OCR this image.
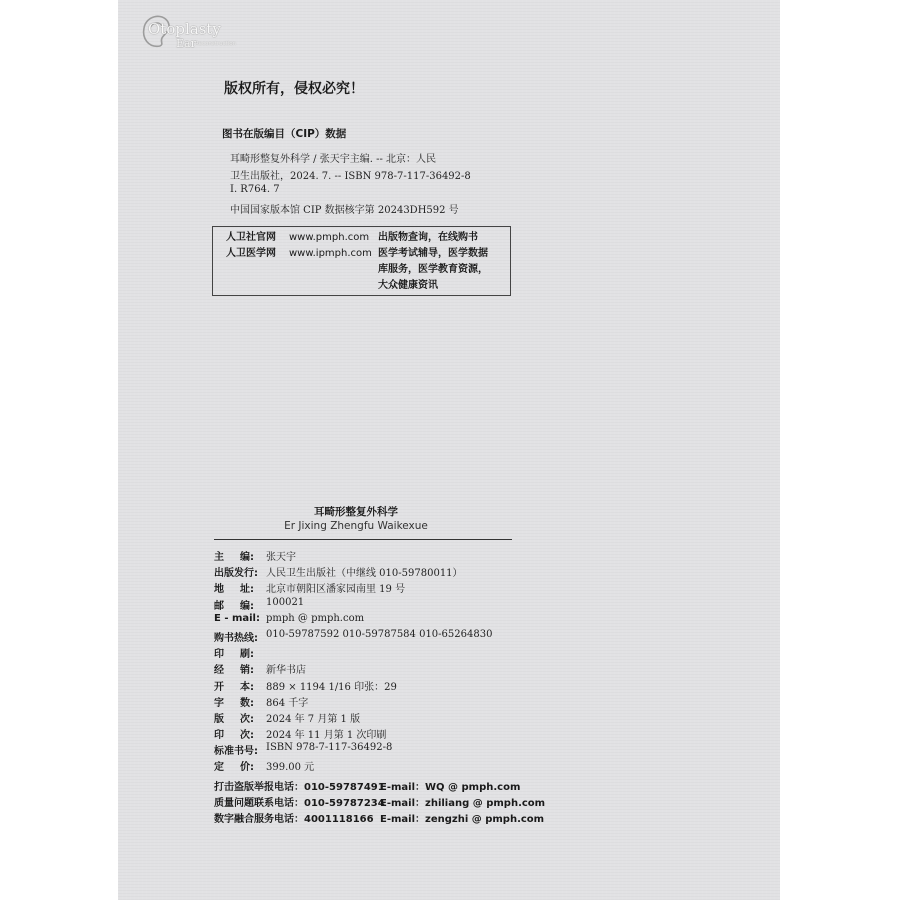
Otoplasty
Ear Reconstruction
版权所有，侵权必究！
图书在版编目（CIP）数据
耳畸形整复外科学 / 张天宇主编. -- 北京：人民
卫生出版社，2024. 7. -- ISBN 978-7-117-36492-8
Ⅰ. R764. 7
中国国家版本馆 CIP 数据核字第 20243DH592 号
人卫社官网 www.pmph.com
人卫医学网 www.ipmph.com
出版物查询，在线购书
医学考试辅导，医学数据
库服务，医学教育资源，
大众健康资讯
耳畸形整复外科学
Er Jixing Zhengfu Waikexue
主 编: 张天宇
出版发行: 人民卫生出版社（中继线 010-59780011）
地 址: 北京市朝阳区潘家园南里 19 号
邮 编: 100021
E - mail: pmph @ pmph.com
购书热线: 010-59787592 010-59787584 010-65264830
印 刷:
经 销: 新华书店
开 本: 889 × 1194 1/16 印张：29
字 数: 864 千字
版 次: 2024 年 7 月第 1 版
印 次: 2024 年 11 月第 1 次印刷
标准书号: ISBN 978-7-117-36492-8
定 价: 399.00 元
打击盗版举报电话：010-59787491
E-mail：WQ @ pmph.com
质量问题联系电话：010-59787234
E-mail：zhiliang @ pmph.com
数字融合服务电话：4001118166 E-mail：zengzhi @ pmph.com
